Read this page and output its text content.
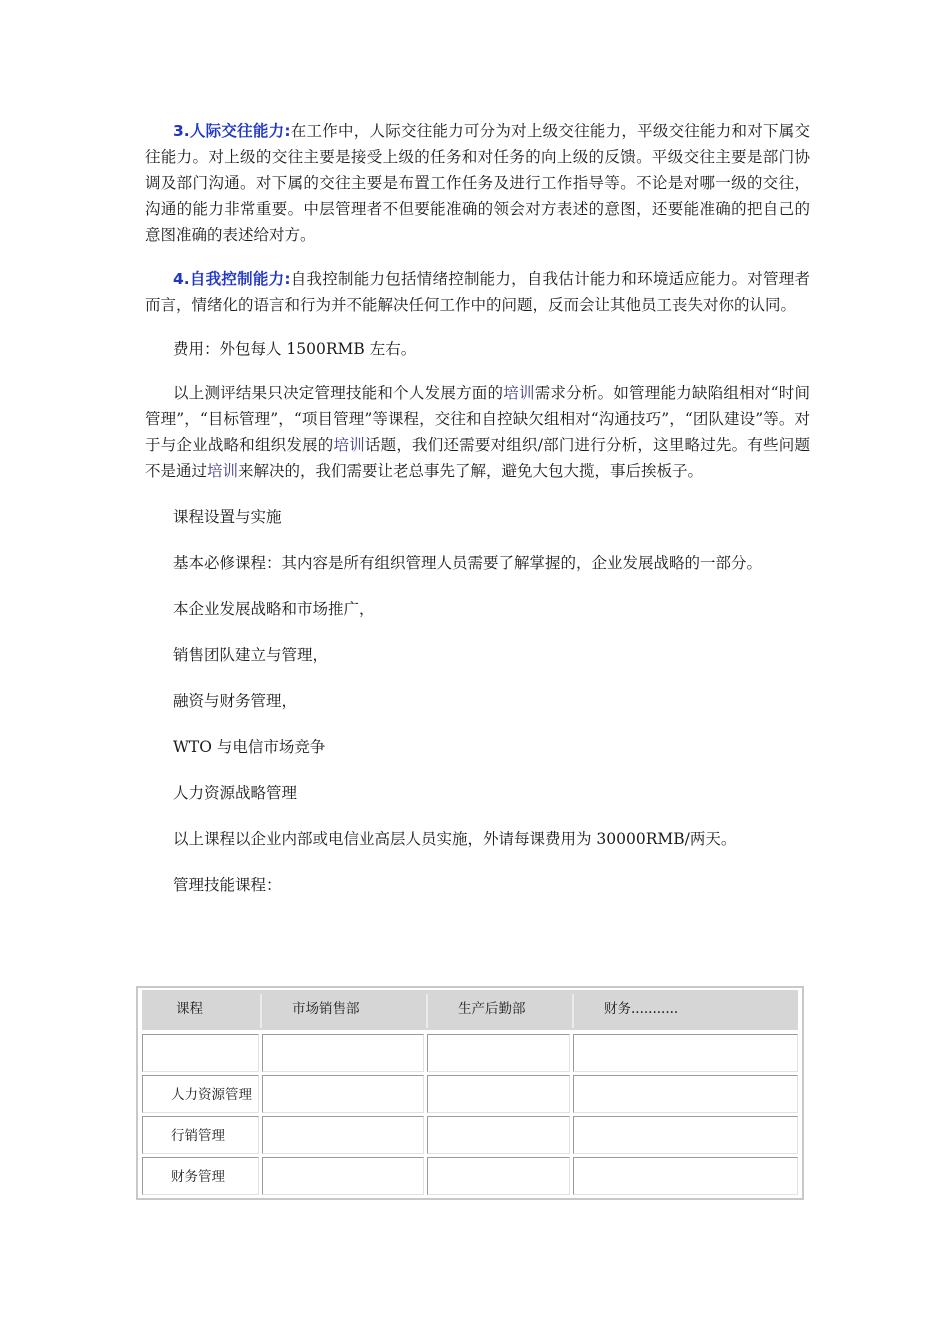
3.人际交往能力:在工作中，人际交往能力可分为对上级交往能力，平级交往能力和对下属交往能力。对上级的交往主要是接受上级的任务和对任务的向上级的反馈。平级交往主要是部门协调及部门沟通。对下属的交往主要是布置工作任务及进行工作指导等。不论是对哪一级的交往，沟通的能力非常重要。中层管理者不但要能准确的领会对方表述的意图，还要能准确的把自己的意图准确的表述给对方。

4.自我控制能力:自我控制能力包括情绪控制能力，自我估计能力和环境适应能力。对管理者而言，情绪化的语言和行为并不能解决任何工作中的问题，反而会让其他员工丧失对你的认同。

费用：外包每人 1500RMB 左右。

以上测评结果只决定管理技能和个人发展方面的培训需求分析。如管理能力缺陷组相对“时间管理”，“目标管理”，“项目管理”等课程，交往和自控缺欠组相对“沟通技巧”，“团队建设”等。对于与企业战略和组织发展的培训话题，我们还需要对组织/部门进行分析，这里略过先。有些问题不是通过培训来解决的，我们需要让老总事先了解，避免大包大揽，事后挨板子。

课程设置与实施

基本必修课程：其内容是所有组织管理人员需要了解掌握的，企业发展战略的一部分。

本企业发展战略和市场推广，

销售团队建立与管理，

融资与财务管理，

WTO 与电信市场竞争

人力资源战略管理

以上课程以企业内部或电信业高层人员实施，外请每课费用为 30000RMB/两天。

管理技能课程：

课程	市场销售部	生产后勤部	财务...........
人力资源管理
行销管理
财务管理
